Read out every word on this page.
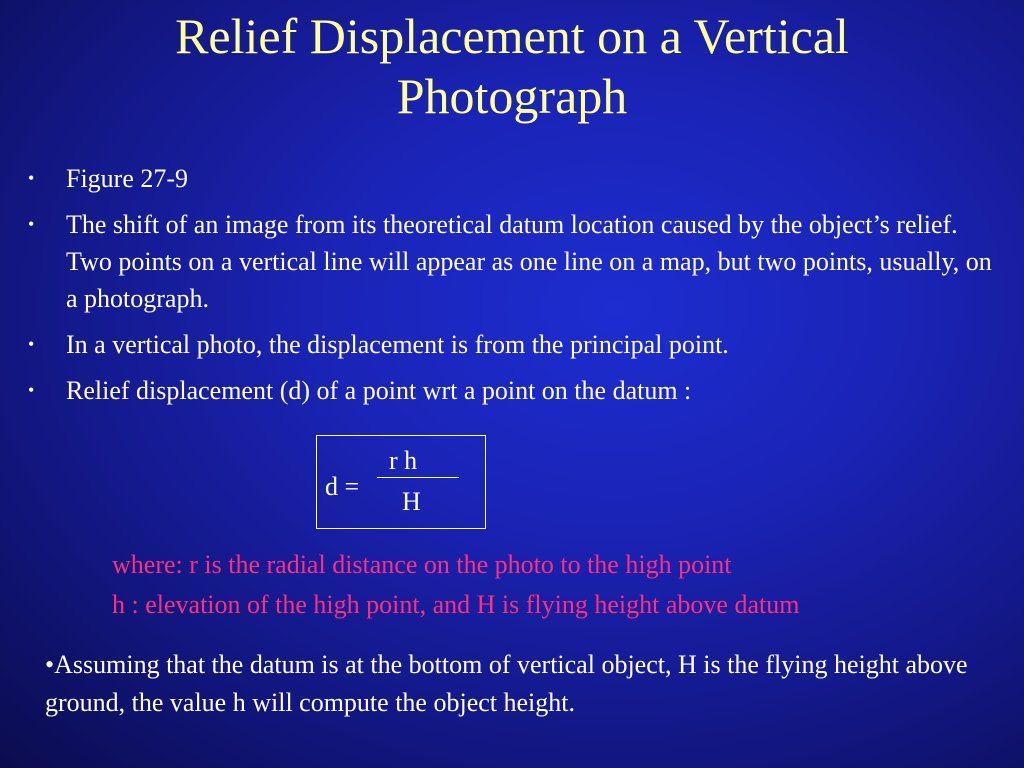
Relief Displacement on a Vertical
Photograph
• Figure 27-9
• The shift of an image from its theoretical datum location caused by the object’s relief. Two points on a vertical line will appear as one line on a map, but two points, usually, on a photograph.
• In a vertical photo, the displacement is from the principal point.
• Relief displacement (d) of a point wrt a point on the datum :
d =
r h
H
where: r is the radial distance on the photo to the high point
h : elevation of the high point, and H is flying height above datum
•Assuming that the datum is at the bottom of vertical object, H is the flying height above ground, the value h will compute the object height.
